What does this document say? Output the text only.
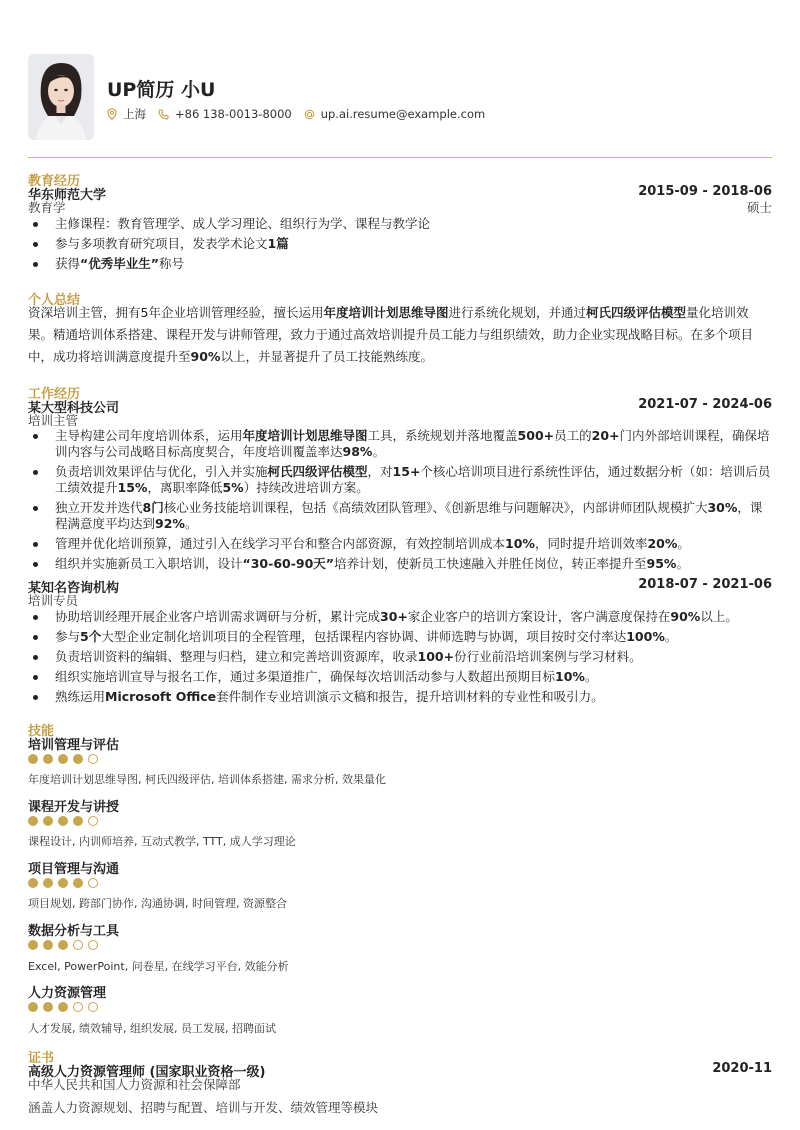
UP简历 小U
上海	+86 138-0013-8000	up.ai.resume@example.com
教育经历
华东师范大学	2015-09 - 2018-06
教育学	硕士
主修课程：教育管理学、成人学习理论、组织行为学、课程与教学论
参与多项教育研究项目，发表学术论文1篇
获得“优秀毕业生”称号
个人总结
资深培训主管，拥有5年企业培训管理经验，擅长运用年度培训计划思维导图进行系统化规划，并通过柯氏四级评估模型量化培训效果。精通培训体系搭建、课程开发与讲师管理，致力于通过高效培训提升员工能力与组织绩效，助力企业实现战略目标。在多个项目中，成功将培训满意度提升至90%以上，并显著提升了员工技能熟练度。
工作经历
某大型科技公司	2021-07 - 2024-06
培训主管
主导构建公司年度培训体系，运用年度培训计划思维导图工具，系统规划并落地覆盖500+员工的20+门内外部培训课程，确保培训内容与公司战略目标高度契合，年度培训覆盖率达98%。
负责培训效果评估与优化，引入并实施柯氏四级评估模型，对15+个核心培训项目进行系统性评估，通过数据分析（如：培训后员工绩效提升15%，离职率降低5%）持续改进培训方案。
独立开发并迭代8门核心业务技能培训课程，包括《高绩效团队管理》、《创新思维与问题解决》，内部讲师团队规模扩大30%，课程满意度平均达到92%。
管理并优化培训预算，通过引入在线学习平台和整合内部资源，有效控制培训成本10%，同时提升培训效率20%。
组织并实施新员工入职培训，设计“30-60-90天”培养计划，使新员工快速融入并胜任岗位，转正率提升至95%。
某知名咨询机构	2018-07 - 2021-06
培训专员
协助培训经理开展企业客户培训需求调研与分析，累计完成30+家企业客户的培训方案设计，客户满意度保持在90%以上。
参与5个大型企业定制化培训项目的全程管理，包括课程内容协调、讲师选聘与协调，项目按时交付率达100%。
负责培训资料的编辑、整理与归档，建立和完善培训资源库，收录100+份行业前沿培训案例与学习材料。
组织实施培训宣导与报名工作，通过多渠道推广，确保每次培训活动参与人数超出预期目标10%。
熟练运用Microsoft Office套件制作专业培训演示文稿和报告，提升培训材料的专业性和吸引力。
技能
培训管理与评估
年度培训计划思维导图, 柯氏四级评估, 培训体系搭建, 需求分析, 效果量化
课程开发与讲授
课程设计, 内训师培养, 互动式教学, TTT, 成人学习理论
项目管理与沟通
项目规划, 跨部门协作, 沟通协调, 时间管理, 资源整合
数据分析与工具
Excel, PowerPoint, 问卷星, 在线学习平台, 效能分析
人力资源管理
人才发展, 绩效辅导, 组织发展, 员工发展, 招聘面试
证书
高级人力资源管理师 (国家职业资格一级)	2020-11
中华人民共和国人力资源和社会保障部
涵盖人力资源规划、招聘与配置、培训与开发、绩效管理等模块
